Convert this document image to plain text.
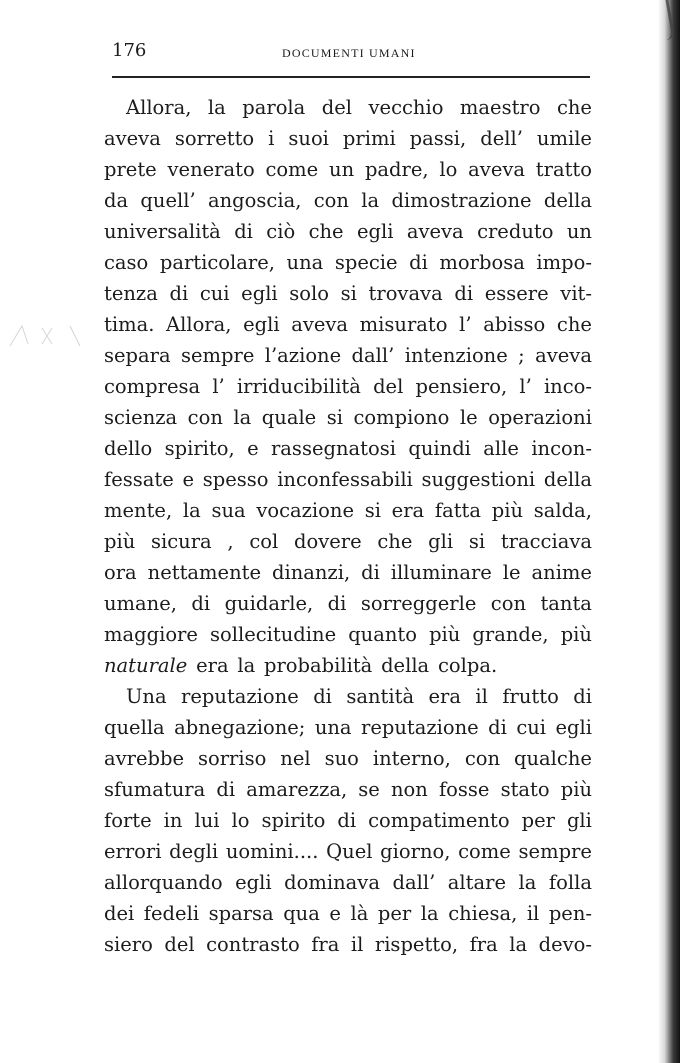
176	DOCUMENTI UMANI
Allora, la parola del vecchio maestro che
aveva sorretto i suoi primi passi, dell’ umile
prete venerato come un padre, lo aveva tratto
da quell’ angoscia, con la dimostrazione della
universalità di ciò che egli aveva creduto un
caso particolare, una specie di morbosa impo-
tenza di cui egli solo si trovava di essere vit-
tima. Allora, egli aveva misurato l’ abisso che
separa sempre l’azione dall’ intenzione ; aveva
compresa l’ irriducibilità del pensiero, l’ inco-
scienza con la quale si compiono le operazioni
dello spirito, e rassegnatosi quindi alle incon-
fessate e spesso inconfessabili suggestioni della
mente, la sua vocazione si era fatta più salda,
più sicura , col dovere che gli si tracciava
ora nettamente dinanzi, di illuminare le anime
umane, di guidarle, di sorreggerle con tanta
maggiore sollecitudine quanto più grande, più
naturale era la probabilità della colpa.
Una reputazione di santità era il frutto di
quella abnegazione; una reputazione di cui egli
avrebbe sorriso nel suo interno, con qualche
sfumatura di amarezza, se non fosse stato più
forte in lui lo spirito di compatimento per gli
errori degli uomini.... Quel giorno, come sempre
allorquando egli dominava dall’ altare la folla
dei fedeli sparsa qua e là per la chiesa, il pen-
siero del contrasto fra il rispetto, fra la devo-
